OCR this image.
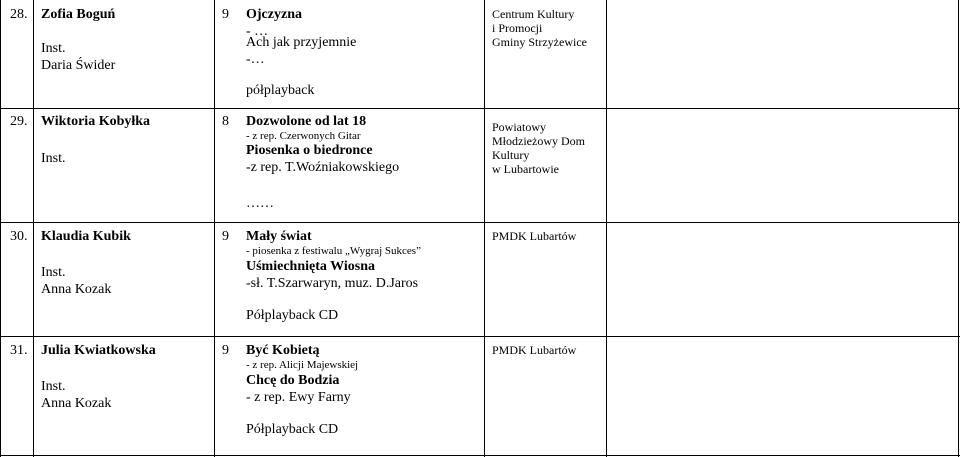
28. Zofia Boguń
Inst.
Daria Świder
9 Ojczyzna
- …
Ach jak przyjemnie
-…
półplayback
Centrum Kultury
i Promocji
Gminy Strzyżewice
29. Wiktoria Kobyłka
Inst.
8 Dozwolone od lat 18
- z rep. Czerwonych Gitar
Piosenka o biedronce
-z rep. T.Woźniakowskiego
……
Powiatowy
Młodzieżowy Dom
Kultury
w Lubartowie
30. Klaudia Kubik
Inst.
Anna Kozak
9 Mały świat
- piosenka z festiwalu „Wygraj Sukces”
Uśmiechnięta Wiosna
-sł. T.Szarwaryn, muz. D.Jaros
Półplayback CD
PMDK Lubartów
31. Julia Kwiatkowska
Inst.
Anna Kozak
9 Być Kobietą
- z rep. Alicji Majewskiej
Chcę do Bodzia
- z rep. Ewy Farny
Półplayback CD
PMDK Lubartów
